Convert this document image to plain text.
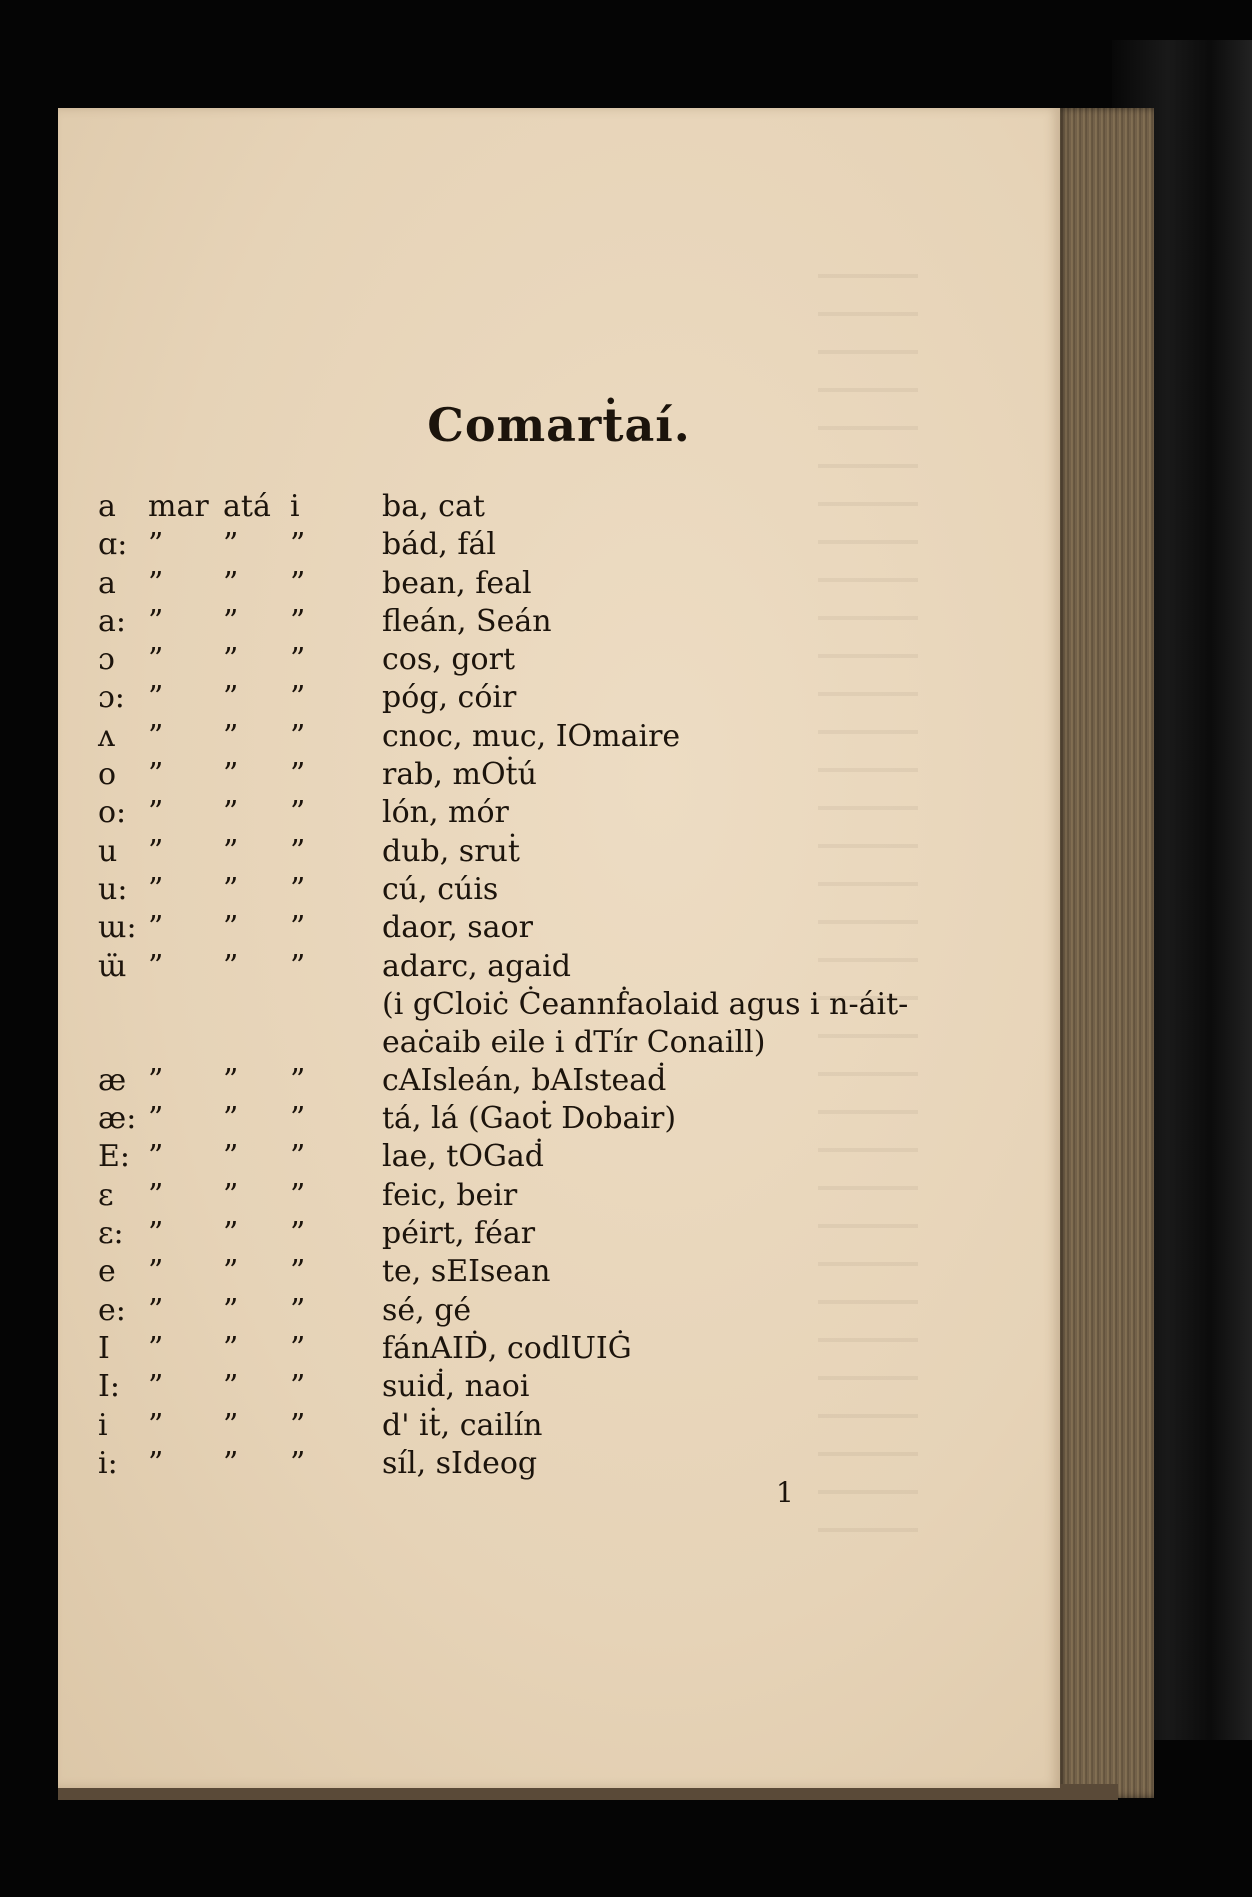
Comarṫaí.
a mar atá i	ba, cat
ɑ: ” ” ”	bád, fál
a ” ” ”	bean, feal
a: ” ” ”	fleán, Seán
ɔ ” ” ”	cos, gort
ɔ: ” ” ”	póg, cóir
ʌ ” ” ”	cnoc, muc, IOmaire
o ” ” ”	rab, mOṫú
o: ” ” ”	lón, mór
u ” ” ”	dub, sruṫ
u: ” ” ”	cú, cúis
ɯ: ” ” ”	daor, saor
ɯ̈ ” ” ”	adarc, agaid
(i gCloiċ Ċeannḟaolaid agus i n-áit-eaċaib eile i dTír Conaill)
æ ” ” ”	cAIsleán, bAIsteaḋ
æ: ” ” ”	tá, lá (Gaoṫ Dobair)
E: ” ” ”	lae, tOGaḋ
ɛ ” ” ”	feic, beir
ɛ: ” ” ”	péirt, féar
e ” ” ”	te, sEIsean
e: ” ” ”	sé, gé
I ” ” ”	fánAIḊ, codlUIĠ
I: ” ” ”	suiḋ, naoi
i ” ” ”	d' iṫ, cailín
i: ” ” ”	síl, sIdeog
1
